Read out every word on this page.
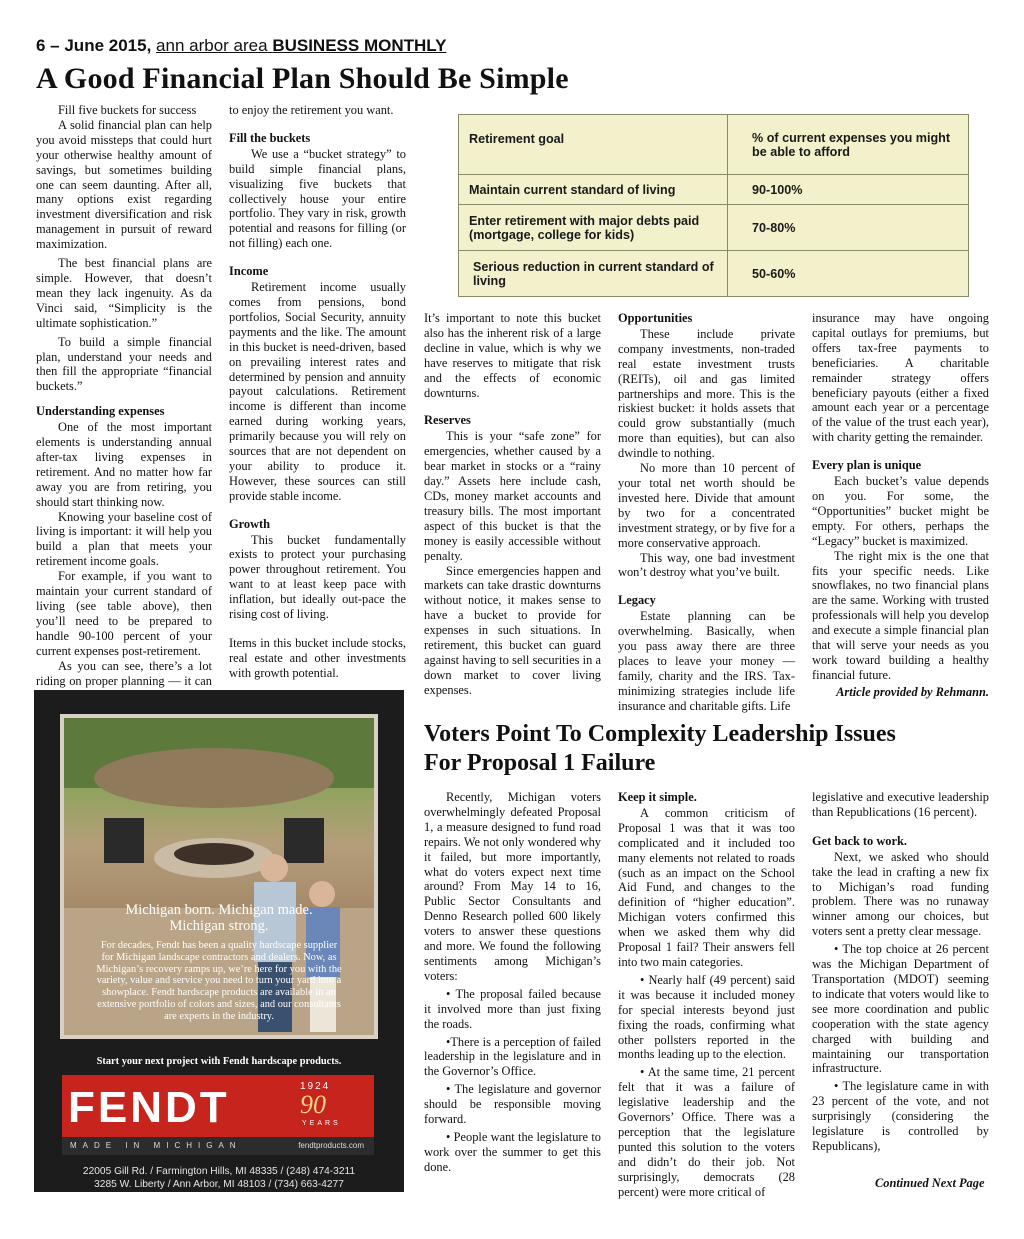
6 – June 2015, ann arbor area BUSINESS MONTHLY
A Good Financial Plan Should Be Simple

Fill five buckets for success

A solid financial plan can help you avoid missteps that could hurt your otherwise healthy amount of savings, but sometimes building one can seem daunting. After all, many options exist regarding investment diversification and risk management in pursuit of reward maximization.

The best financial plans are simple. However, that doesn’t mean they lack ingenuity. As da Vinci said, “Simplicity is the ultimate sophistication.”

To build a simple financial plan, understand your needs and then fill the appropriate “financial buckets.”

Understanding expenses

One of the most important elements is understanding annual after-tax living expenses in retirement. And no matter how far away you are from retiring, you should start thinking now.

Knowing your baseline cost of living is important: it will help you build a plan that meets your retirement income goals.

For example, if you want to maintain your current standard of living (see table above), then you’ll need to be prepared to handle 90-100 percent of your current expenses post-retirement.

As you can see, there’s a lot riding on proper planning — it can

to enjoy the retirement you want.

Fill the buckets

We use a “bucket strategy” to build simple financial plans, visualizing five buckets that collectively house your entire portfolio. They vary in risk, growth potential and reasons for filling (or not filling) each one.

Income

Retirement income usually comes from pensions, bond portfolios, Social Security, annuity payments and the like. The amount in this bucket is need-driven, based on prevailing interest rates and determined by pension and annuity payout calculations. Retirement income is different than income earned during working years, primarily because you will rely on sources that are not dependent on your ability to produce it. However, these sources can still provide stable income.

Growth

This bucket fundamentally exists to protect your purchasing power throughout retirement. You want to at least keep pace with inflation, but ideally out-pace the rising cost of living.

Items in this bucket include stocks, real estate and other investments with growth potential.

Retirement goal	% of current expenses you might be able to afford
Maintain current standard of living	90-100%
Enter retirement with major debts paid (mortgage, college for kids)	70-80%
Serious reduction in current standard of living	50-60%

It’s important to note this bucket also has the inherent risk of a large decline in value, which is why we have reserves to mitigate that risk and the effects of economic downturns.

Reserves

This is your “safe zone” for emergencies, whether caused by a bear market in stocks or a “rainy day.” Assets here include cash, CDs, money market accounts and treasury bills. The most important aspect of this bucket is that the money is easily accessible without penalty.

Since emergencies happen and markets can take drastic downturns without notice, it makes sense to have a bucket to provide for expenses in such situations. In retirement, this bucket can guard against having to sell securities in a down market to cover living expenses.

Opportunities

These include private company investments, non-traded real estate investment trusts (REITs), oil and gas limited partnerships and more. This is the riskiest bucket: it holds assets that could grow substantially (much more than equities), but can also dwindle to nothing.

No more than 10 percent of your total net worth should be invested here. Divide that amount by two for a concentrated investment strategy, or by five for a more conservative approach.

This way, one bad investment won’t destroy what you’ve built.

Legacy

Estate planning can be overwhelming. Basically, when you pass away there are three places to leave your money — family, charity and the IRS. Tax-minimizing strategies include life insurance and charitable gifts. Life

insurance may have ongoing capital outlays for premiums, but offers tax-free payments to beneficiaries. A charitable remainder strategy offers beneficiary payouts (either a fixed amount each year or a percentage of the value of the trust each year), with charity getting the remainder.

Every plan is unique

Each bucket’s value depends on you. For some, the “Opportunities” bucket might be empty. For others, perhaps the “Legacy” bucket is maximized.

The right mix is the one that fits your specific needs. Like snowflakes, no two financial plans are the same. Working with trusted professionals will help you develop and execute a simple financial plan that will serve your needs as you work toward building a healthy financial future.

Article provided by Rehmann.

Michigan born. Michigan made.
Michigan strong.
For decades, Fendt has been a quality hardscape supplier for Michigan landscape contractors and dealers. Now, as Michigan’s recovery ramps up, we’re here for you with the variety, value and service you need to turn your yard into a showplace. Fendt hardscape products are available in an extensive portfolio of colors and sizes, and our consultants are experts in the industry.
Start your next project with Fendt hardscape products.
FENDT	1924
90
YEARS
MADE IN MICHIGAN	fendtproducts.com
22005 Gill Rd. / Farmington Hills, MI 48335 / (248) 474-3211
3285 W. Liberty / Ann Arbor, MI 48103 / (734) 663-4277
Voters Point To Complexity Leadership Issues For Proposal 1 Failure

Recently, Michigan voters overwhelmingly defeated Proposal 1, a measure designed to fund road repairs. We not only wondered why it failed, but more importantly, what do voters expect next time around? From May 14 to 16, Public Sector Consultants and Denno Research polled 600 likely voters to answer these questions and more. We found the following sentiments among Michigan’s voters:

• The proposal failed because it involved more than just fixing the roads.

•There is a perception of failed leadership in the legislature and in the Governor’s Office.

• The legislature and governor should be responsible moving forward.

• People want the legislature to work over the summer to get this done.

Keep it simple.

A common criticism of Proposal 1 was that it was too complicated and it included too many elements not related to roads (such as an impact on the School Aid Fund, and changes to the definition of “higher education”. Michigan voters confirmed this when we asked them why did Proposal 1 fail? Their answers fell into two main categories.

• Nearly half (49 percent) said it was because it included money for special interests beyond just fixing the roads, confirming what other pollsters reported in the months leading up to the election.

• At the same time, 21 percent felt that it was a failure of legislative leadership and the Governors’ Office. There was a perception that the legislature punted this solution to the voters and didn’t do their job. Not surprisingly, democrats (28 percent) were more critical of

legislative and executive leadership than Republications (16 percent).

Get back to work.

Next, we asked who should take the lead in crafting a new fix to Michigan’s road funding problem. There was no runaway winner among our choices, but voters sent a pretty clear message.

• The top choice at 26 percent was the Michigan Department of Transportation (MDOT) seeming to indicate that voters would like to see more coordination and public cooperation with the state agency charged with building and maintaining our transportation infrastructure.

• The legislature came in with 23 percent of the vote, and not surprisingly (considering the legislature is controlled by Republicans),

Continued Next Page
